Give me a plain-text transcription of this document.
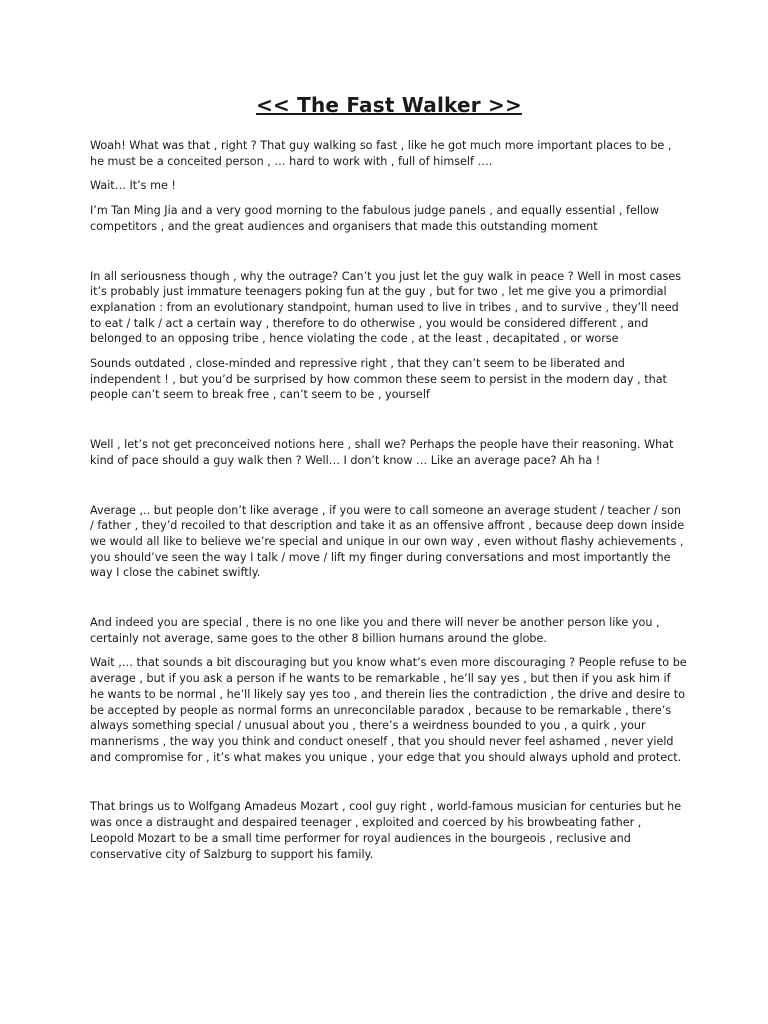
<< The Fast Walker >>

Woah! What was that , right ? That guy walking so fast , like he got much more important places to be , he must be a conceited person , … hard to work with , full of himself ….

Wait… It’s me !

I’m Tan Ming Jia and a very good morning to the fabulous judge panels , and equally essential , fellow competitors , and the great audiences and organisers that made this outstanding moment

In all seriousness though , why the outrage? Can’t you just let the guy walk in peace ? Well in most cases it’s probably just immature teenagers poking fun at the guy , but for two , let me give you a primordial explanation : from an evolutionary standpoint, human used to live in tribes , and to survive , they’ll need to eat / talk / act a certain way , therefore to do otherwise , you would be considered different , and belonged to an opposing tribe , hence violating the code , at the least , decapitated , or worse

Sounds outdated , close-minded and repressive right , that they can’t seem to be liberated and independent ! , but you’d be surprised by how common these seem to persist in the modern day , that people can’t seem to break free , can’t seem to be , yourself

Well , let’s not get preconceived notions here , shall we? Perhaps the people have their reasoning. What kind of pace should a guy walk then ? Well… I don’t know … Like an average pace? Ah ha !

Average ,.. but people don’t like average , if you were to call someone an average student / teacher / son / father , they’d recoiled to that description and take it as an offensive affront , because deep down inside we would all like to believe we’re special and unique in our own way , even without flashy achievements , you should’ve seen the way I talk / move / lift my finger during conversations and most importantly the way I close the cabinet swiftly.

And indeed you are special , there is no one like you and there will never be another person like you , certainly not average, same goes to the other 8 billion humans around the globe.

Wait ,… that sounds a bit discouraging but you know what’s even more discouraging ? People refuse to be average , but if you ask a person if he wants to be remarkable , he’ll say yes , but then if you ask him if he wants to be normal , he’ll likely say yes too , and therein lies the contradiction , the drive and desire to be accepted by people as normal forms an unreconcilable paradox , because to be remarkable , there’s always something special / unusual about you , there’s a weirdness bounded to you , a quirk , your mannerisms , the way you think and conduct oneself , that you should never feel ashamed , never yield and compromise for , it’s what makes you unique , your edge that you should always uphold and protect.

That brings us to Wolfgang Amadeus Mozart , cool guy right , world-famous musician for centuries but he was once a distraught and despaired teenager , exploited and coerced by his browbeating father , Leopold Mozart to be a small time performer for royal audiences in the bourgeois , reclusive and conservative city of Salzburg to support his family.
